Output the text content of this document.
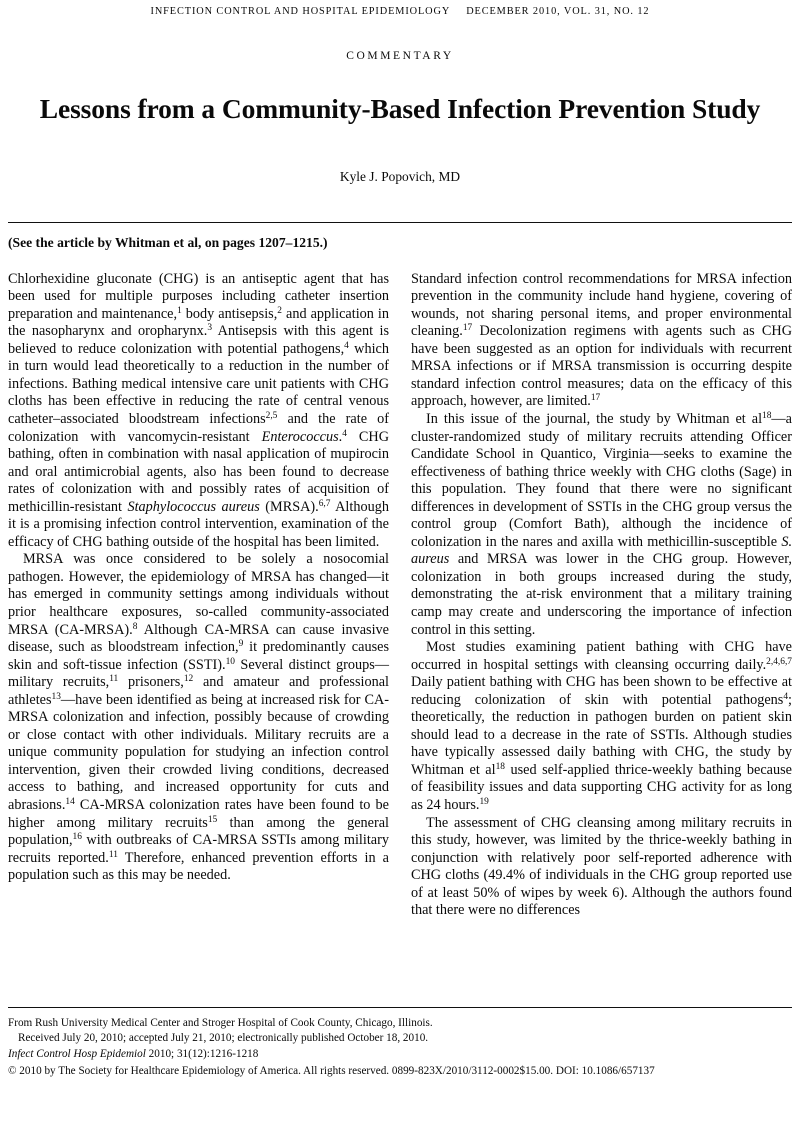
INFECTION CONTROL AND HOSPITAL EPIDEMIOLOGY DECEMBER 2010, VOL. 31, NO. 12
COMMENTARY
Lessons from a Community-Based Infection Prevention Study
Kyle J. Popovich, MD
(See the article by Whitman et al, on pages 1207–1215.)

Chlorhexidine gluconate (CHG) is an antiseptic agent that has been used for multiple purposes including catheter insertion preparation and maintenance,$^1$ body antisepsis,$^2$ and application in the nasopharynx and oropharynx.$^3$ Antisepsis with this agent is believed to reduce colonization with potential pathogens,$^4$ which in turn would lead theoretically to a reduction in the number of infections. Bathing medical intensive care unit patients with CHG cloths has been effective in reducing the rate of central venous catheter–associated bloodstream infections$^{2,5}$ and the rate of colonization with vancomycin-resistant Enterococcus.$^4$ CHG bathing, often in combination with nasal application of mupirocin and oral antimicrobial agents, also has been found to decrease rates of colonization with and possibly rates of acquisition of methicillin-resistant Staphylococcus aureus (MRSA).$^{6,7}$ Although it is a promising infection control intervention, examination of the efficacy of CHG bathing outside of the hospital has been limited.

MRSA was once considered to be solely a nosocomial pathogen. However, the epidemiology of MRSA has changed—it has emerged in community settings among individuals without prior healthcare exposures, so-called community-associated MRSA (CA-MRSA).$^8$ Although CA-MRSA can cause invasive disease, such as bloodstream infection,$^9$ it predominantly causes skin and soft-tissue infection (SSTI).$^{10}$ Several distinct groups—military recruits,$^{11}$ prisoners,$^{12}$ and amateur and professional athletes$^{13}$—have been identified as being at increased risk for CA-MRSA colonization and infection, possibly because of crowding or close contact with other individuals. Military recruits are a unique community population for studying an infection control intervention, given their crowded living conditions, decreased access to bathing, and increased opportunity for cuts and abrasions.$^{14}$ CA-MRSA colonization rates have been found to be higher among military recruits$^{15}$ than among the general population,$^{16}$ with outbreaks of CA-MRSA SSTIs among military recruits reported.$^{11}$ Therefore, enhanced prevention efforts in a population such as this may be needed.

Standard infection control recommendations for MRSA infection prevention in the community include hand hygiene, covering of wounds, not sharing personal items, and proper environmental cleaning.$^{17}$ Decolonization regimens with agents such as CHG have been suggested as an option for individuals with recurrent MRSA infections or if MRSA transmission is occurring despite standard infection control measures; data on the efficacy of this approach, however, are limited.$^{17}$

In this issue of the journal, the study by Whitman et $al^{18}—a$ cluster-randomized study of military recruits attending Officer Candidate School in Quantico, Virginia—seeks to examine the effectiveness of bathing thrice weekly with CHG cloths (Sage) in this population. They found that there were no significant differences in development of SSTIs in the CHG group versus the control group (Comfort Bath), although the incidence of colonization in the nares and axilla with methicillin-susceptible S. aureus and MRSA was lower in the CHG group. However, colonization in both groups increased during the study, demonstrating the at-risk environment that a military training camp may create and underscoring the importance of infection control in this setting.

Most studies examining patient bathing with CHG have occurred in hospital settings with cleansing occurring daily.$^{2,4,6,7}$ Daily patient bathing with CHG has been shown to be effective at reducing colonization of skin with potential pathogens$^4$; theoretically, the reduction in pathogen burden on patient skin should lead to a decrease in the rate of SSTIs. Although studies have typically assessed daily bathing with CHG, the study by Whitman et $al^{18}$ used self-applied thrice-weekly bathing because of feasibility issues and data supporting CHG activity for as long as 24 hours.$^{19}$

The assessment of CHG cleansing among military recruits in this study, however, was limited by the thrice-weekly bathing in conjunction with relatively poor self-reported adherence with CHG cloths (49.4% of individuals in the CHG group reported use of at least 50% of wipes by week 6). Although the authors found that there were no differences

From Rush University Medical Center and Stroger Hospital of Cook County, Chicago, Illinois.

Received July 20, 2010; accepted July 21, 2010; electronically published October 18, 2010.

Infect Control Hosp Epidemiol 2010; 31(12):1216-1218

© 2010 by The Society for Healthcare Epidemiology of America. All rights reserved. 0899-823X/2010/3112-0002$15.00. DOI: 10.1086/657137
